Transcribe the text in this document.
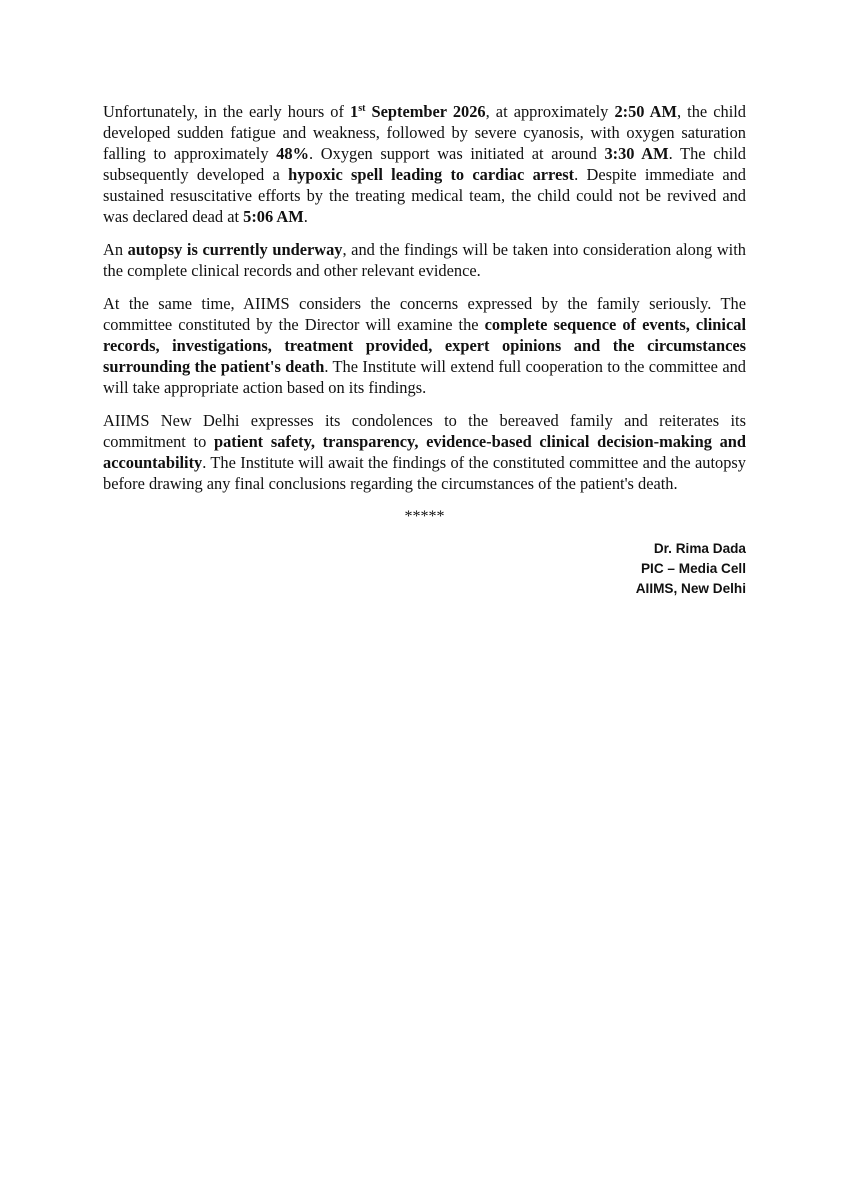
Unfortunately, in the early hours of 1st September 2026, at approximately 2:50 AM, the child developed sudden fatigue and weakness, followed by severe cyanosis, with oxygen saturation falling to approximately 48%. Oxygen support was initiated at around 3:30 AM. The child subsequently developed a hypoxic spell leading to cardiac arrest. Despite immediate and sustained resuscitative efforts by the treating medical team, the child could not be revived and was declared dead at 5:06 AM.

An autopsy is currently underway, and the findings will be taken into consideration along with the complete clinical records and other relevant evidence.

At the same time, AIIMS considers the concerns expressed by the family seriously. The committee constituted by the Director will examine the complete sequence of events, clinical records, investigations, treatment provided, expert opinions and the circumstances surrounding the patient's death. The Institute will extend full cooperation to the committee and will take appropriate action based on its findings.

AIIMS New Delhi expresses its condolences to the bereaved family and reiterates its commitment to patient safety, transparency, evidence-based clinical decision-making and accountability. The Institute will await the findings of the constituted committee and the autopsy before drawing any final conclusions regarding the circumstances of the patient's death.

*****
Dr. Rima Dada
PIC – Media Cell
AIIMS, New Delhi
